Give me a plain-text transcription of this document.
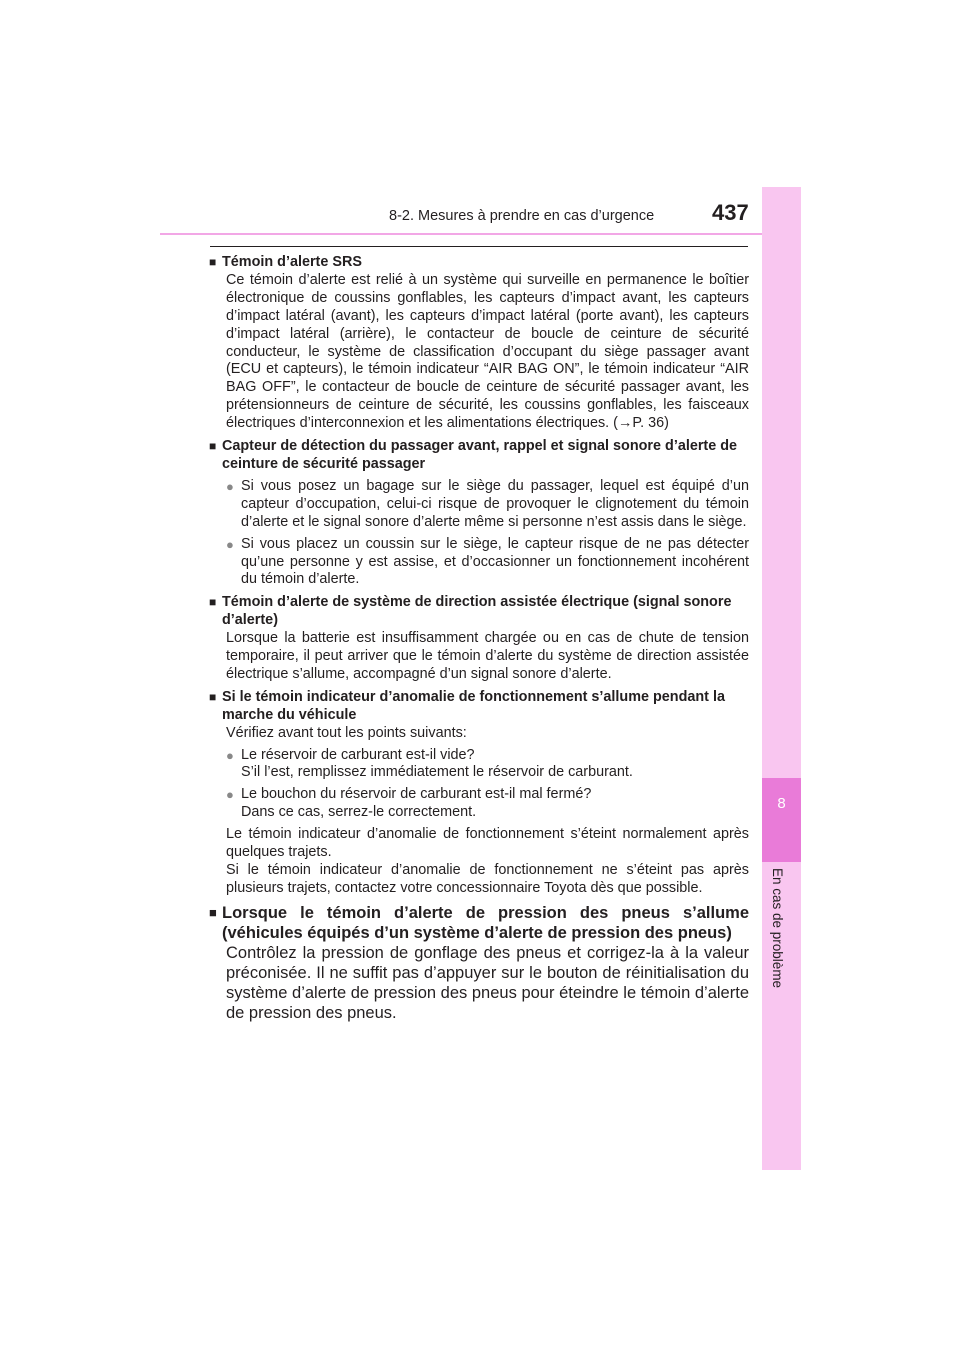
8-2. Mesures à prendre en cas d’urgence	437
8
En cas de problème
■ Témoin d’alerte SRS
Ce témoin d’alerte est relié à un système qui surveille en permanence le boîtier électronique de coussins gonflables, les capteurs d’impact avant, les capteurs d’impact latéral (avant), les capteurs d’impact latéral (porte avant), les capteurs d’impact latéral (arrière), le contacteur de boucle de ceinture de sécurité conducteur, le système de classification d’occupant du siège passager avant (ECU et capteurs), le témoin indicateur “AIR BAG ON”, le témoin indicateur “AIR BAG OFF”, le contacteur de boucle de ceinture de sécurité passager avant, les prétensionneurs de ceinture de sécurité, les coussins gonflables, les faisceaux électriques d’interconnexion et les alimentations électriques. (→P. 36)
■ Capteur de détection du passager avant, rappel et signal sonore d’alerte de ceinture de sécurité passager
● Si vous posez un bagage sur le siège du passager, lequel est équipé d’un capteur d’occupation, celui-ci risque de provoquer le clignotement du témoin d’alerte et le signal sonore d’alerte même si personne n’est assis dans le siège.
● Si vous placez un coussin sur le siège, le capteur risque de ne pas détecter qu’une personne y est assise, et d’occasionner un fonctionnement incohérent du témoin d’alerte.
■ Témoin d’alerte de système de direction assistée électrique (signal sonore d’alerte)
Lorsque la batterie est insuffisamment chargée ou en cas de chute de tension temporaire, il peut arriver que le témoin d’alerte du système de direction assistée électrique s’allume, accompagné d’un signal sonore d’alerte.
■ Si le témoin indicateur d’anomalie de fonctionnement s’allume pendant la marche du véhicule
Vérifiez avant tout les points suivants:
● Le réservoir de carburant est-il vide?
S’il l’est, remplissez immédiatement le réservoir de carburant.
● Le bouchon du réservoir de carburant est-il mal fermé?
Dans ce cas, serrez-le correctement.
Le témoin indicateur d’anomalie de fonctionnement s’éteint normalement après quelques trajets.
Si le témoin indicateur d’anomalie de fonctionnement ne s’éteint pas après plusieurs trajets, contactez votre concessionnaire Toyota dès que possible.
■ Lorsque le témoin d’alerte de pression des pneus s’allume (véhicules équipés d’un système d’alerte de pression des pneus)
Contrôlez la pression de gonflage des pneus et corrigez-la à la valeur préconisée. Il ne suffit pas d’appuyer sur le bouton de réinitialisation du système d’alerte de pression des pneus pour éteindre le témoin d’alerte de pression des pneus.
